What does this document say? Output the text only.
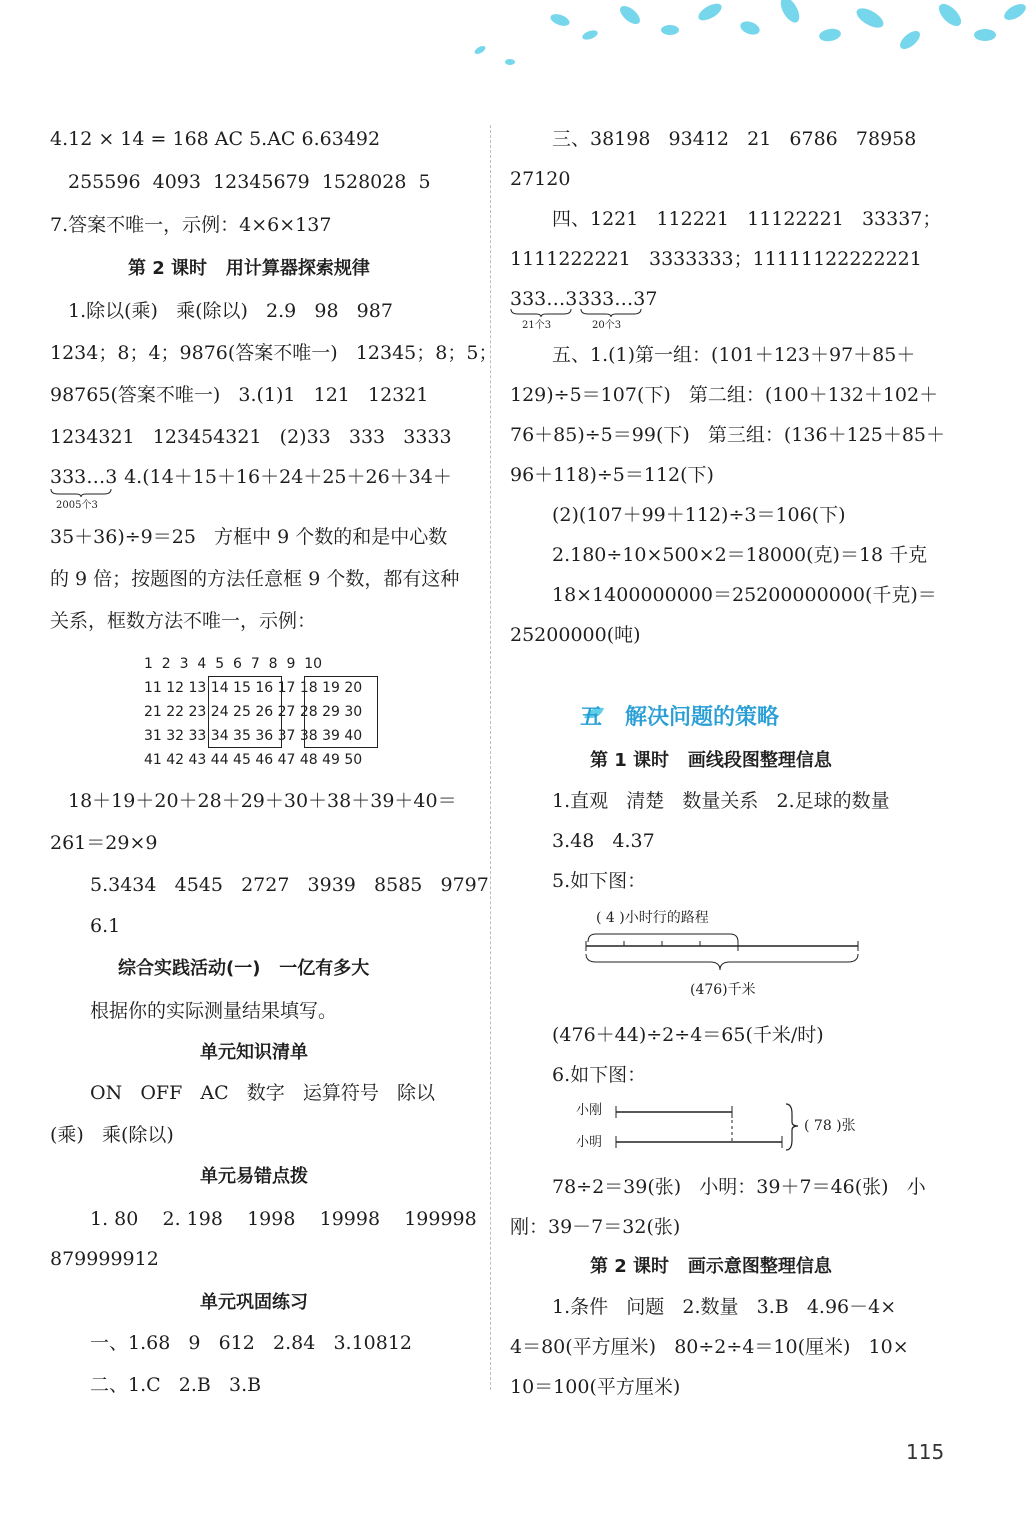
4.12 × 14 = 168 AC 5.AC 6.63492
255596  4093  12345679  1528028  5
7.答案不唯一，示例：4×6×137
第 2 课时   用计算器探索规律
1.除以(乘)   乘(除以)   2.9   98   987
1234；8；4；9876(答案不唯一)   12345；8；5；
98765(答案不唯一)   3.(1)1   121   12321
1234321   123454321   (2)33   333   3333
333…3
2005个3
4.(14＋15＋16＋24＋25＋26＋34＋
35＋36)÷9＝25   方框中 9 个数的和是中心数
的 9 倍；按题图的方法任意框 9 个数，都有这种
关系，框数方法不唯一，示例：
1  2  3  4  5  6  7  8  9  10
11 12 13 14 15 16 17 18 19 20
21 22 23 24 25 26 27 28 29 30
31 32 33 34 35 36 37 38 39 40
41 42 43 44 45 46 47 48 49 50
18＋19＋20＋28＋29＋30＋38＋39＋40＝
261＝29×9
5.3434   4545   2727   3939   8585   9797
6.1
综合实践活动(一)   一亿有多大
根据你的实际测量结果填写。
单元知识清单
ON   OFF   AC   数字   运算符号   除以
(乘)   乘(除以)
单元易错点拨
1. 80    2. 198    1998    19998    199998
879999912
单元巩固练习
一、1.68   9   612   2.84   3.10812
二、1.C   2.B   3.B
三、38198   93412   21   6786   78958
27120
四、1221   112221   11122221   33337；
1111222221   3333333；11111122222221
333…3 333…37
21个3	20个3
五、1.(1)第一组：(101＋123＋97＋85＋
129)÷5＝107(下)   第二组：(100＋132＋102＋
76＋85)÷5＝99(下)   第三组：(136＋125＋85＋
96＋118)÷5＝112(下)
(2)(107＋99＋112)÷3＝106(下)
2.180÷10×500×2＝18000(克)＝18 千克
18×1400000000＝25200000000(千克)＝
25200000(吨)
五   解决问题的策略
第 1 课时   画线段图整理信息
1.直观   清楚   数量关系   2.足球的数量
3.48   4.37
5.如下图：
( 4 )小时行的路程
(476)千米
(476＋44)÷2÷4＝65(千米/时)
6.如下图：
小刚
小明
( 78 )张
78÷2＝39(张)   小明：39＋7＝46(张)   小
刚：39－7＝32(张)
第 2 课时   画示意图整理信息
1.条件   问题   2.数量   3.B   4.96－4×
4＝80(平方厘米)   80÷2÷4＝10(厘米)   10×
10＝100(平方厘米)
115
